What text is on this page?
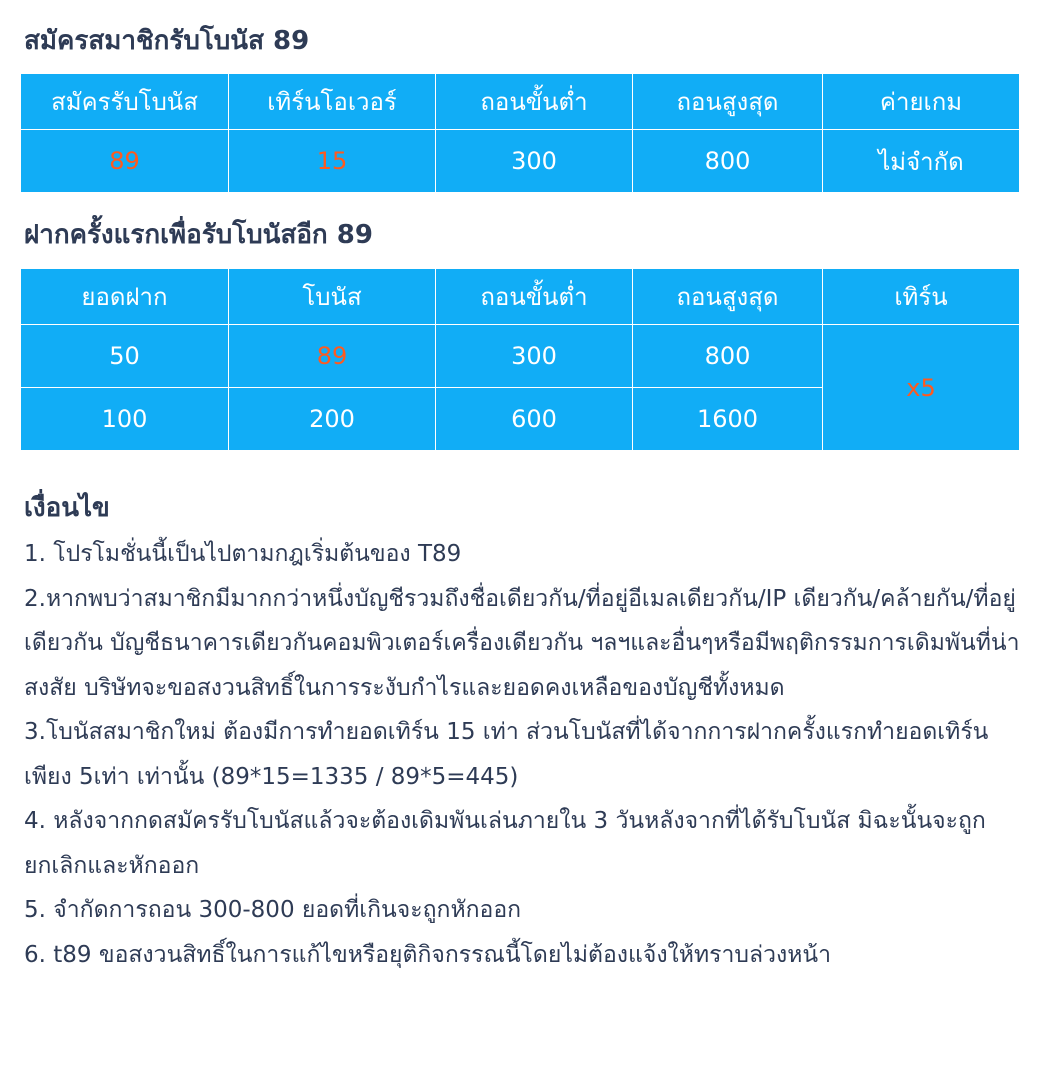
สมัครสมาชิกรับโบนัส 89
สมัครรับโบนัส	เทิร์นโอเวอร์	ถอนขั้นต่ำ	ถอนสูงสุด	ค่ายเกม
89	15	300	800	ไม่จำกัด
ฝากครั้งแรกเพื่อรับโบนัสอีก 89
ยอดฝาก	โบนัส	ถอนขั้นต่ำ	ถอนสูงสุด	เทิร์น
50	89	300	800	x5
100	200	600	1600	
เงื่อนไข

1. โปรโมชั่นนี้เป็นไปตามกฎเริ่มต้นของ T89

2.หากพบว่าสมาชิกมีมากกว่าหนึ่งบัญชีรวมถึงชื่อเดียวกัน/ที่อยู่อีเมลเดียวกัน/IP เดียวกัน/คล้ายกัน/ที่อยู่เดียวกัน บัญชีธนาคารเดียวกันคอมพิวเตอร์เครื่องเดียวกัน ฯลฯและอื่นๆหรือมีพฤติกรรมการเดิมพันที่น่าสงสัย บริษัทจะขอสงวนสิทธิ์ในการระงับกำไรและยอดคงเหลือของบัญชีทั้งหมด

3.โบนัสสมาชิกใหม่ ต้องมีการทำยอดเทิร์น 15 เท่า ส่วนโบนัสที่ได้จากการฝากครั้งแรกทำยอดเทิร์น เพียง 5เท่า เท่านั้น (89*15=1335 / 89*5=445)

4. หลังจากกดสมัครรับโบนัสแล้วจะต้องเดิมพันเล่นภายใน 3 วันหลังจากที่ได้รับโบนัส มิฉะนั้นจะถูกยกเลิกและหักออก

5. จำกัดการถอน 300-800 ยอดที่เกินจะถูกหักออก

6. t89 ขอสงวนสิทธิ์ในการแก้ไขหรือยุติกิจกรรณนี้โดยไม่ต้องแจ้งให้ทราบล่วงหน้า
